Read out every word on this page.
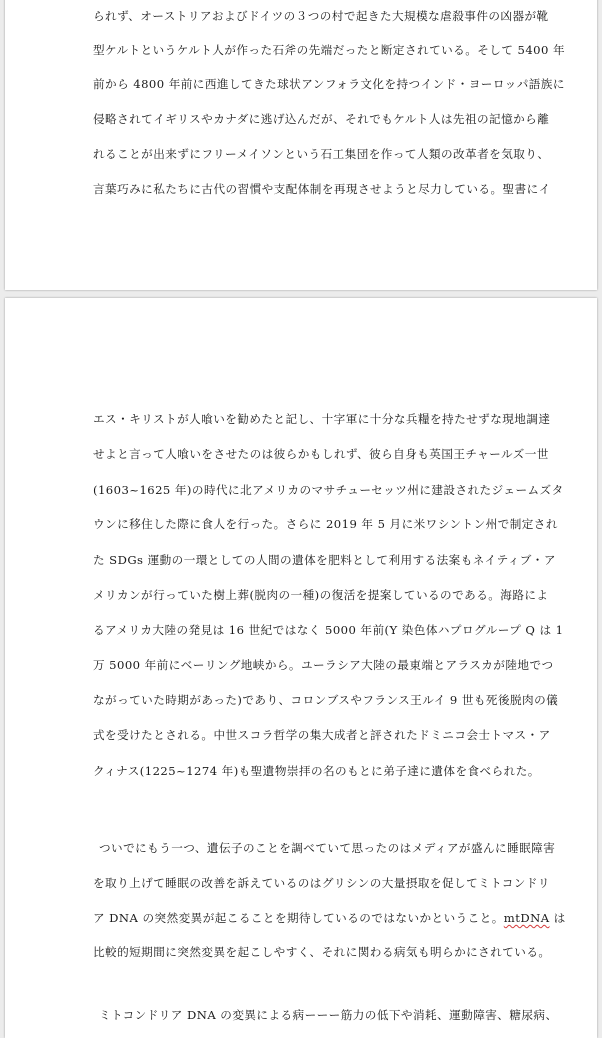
られず、オーストリアおよびドイツの３つの村で起きた大規模な虐殺事件の凶器が靴
型ケルトというケルト人が作った石斧の先端だったと断定されている。そして 5400 年
前から 4800 年前に西進してきた球状アンフォラ文化を持つインド・ヨーロッパ語族に
侵略されてイギリスやカナダに逃げ込んだが、それでもケルト人は先祖の記憶から離
れることが出来ずにフリーメイソンという石工集団を作って人類の改革者を気取り、
言葉巧みに私たちに古代の習慣や支配体制を再現させようと尽力している。聖書にイ
エス・キリストが人喰いを勧めたと記し、十字軍に十分な兵糧を持たせずな現地調達
せよと言って人喰いをさせたのは彼らかもしれず、彼ら自身も英国王チャールズ一世
(1603~1625 年)の時代に北アメリカのマサチューセッツ州に建設されたジェームズタ
ウンに移住した際に食人を行った。さらに 2019 年 5 月に米ワシントン州で制定され
た SDGs 運動の一環としての人間の遺体を肥料として利用する法案もネイティブ・ア
メリカンが行っていた樹上葬(脱肉の一種)の復活を提案しているのである。海路によ
るアメリカ大陸の発見は 16 世紀ではなく 5000 年前(Y 染色体ハプログループ Q は 1
万 5000 年前にベーリング地峡から。ユーラシア大陸の最東端とアラスカが陸地でつ
ながっていた時期があった)であり、コロンブスやフランス王ルイ 9 世も死後脱肉の儀
式を受けたとされる。中世スコラ哲学の集大成者と評されたドミニコ会士トマス・ア
クィナス(1225~1274 年)も聖遺物崇拝の名のもとに弟子達に遺体を食べられた。
ついでにもう一つ、遺伝子のことを調べていて思ったのはメディアが盛んに睡眠障害
を取り上げて睡眠の改善を訴えているのはグリシンの大量摂取を促してミトコンドリ
ア DNA の突然変異が起こることを期待しているのではないかということ。mtDNA は
比較的短期間に突然変異を起こしやすく、それに関わる病気も明らかにされている。
ミトコンドリア DNA の変異による病ーーー筋力の低下や消耗、運動障害、糖尿病、
